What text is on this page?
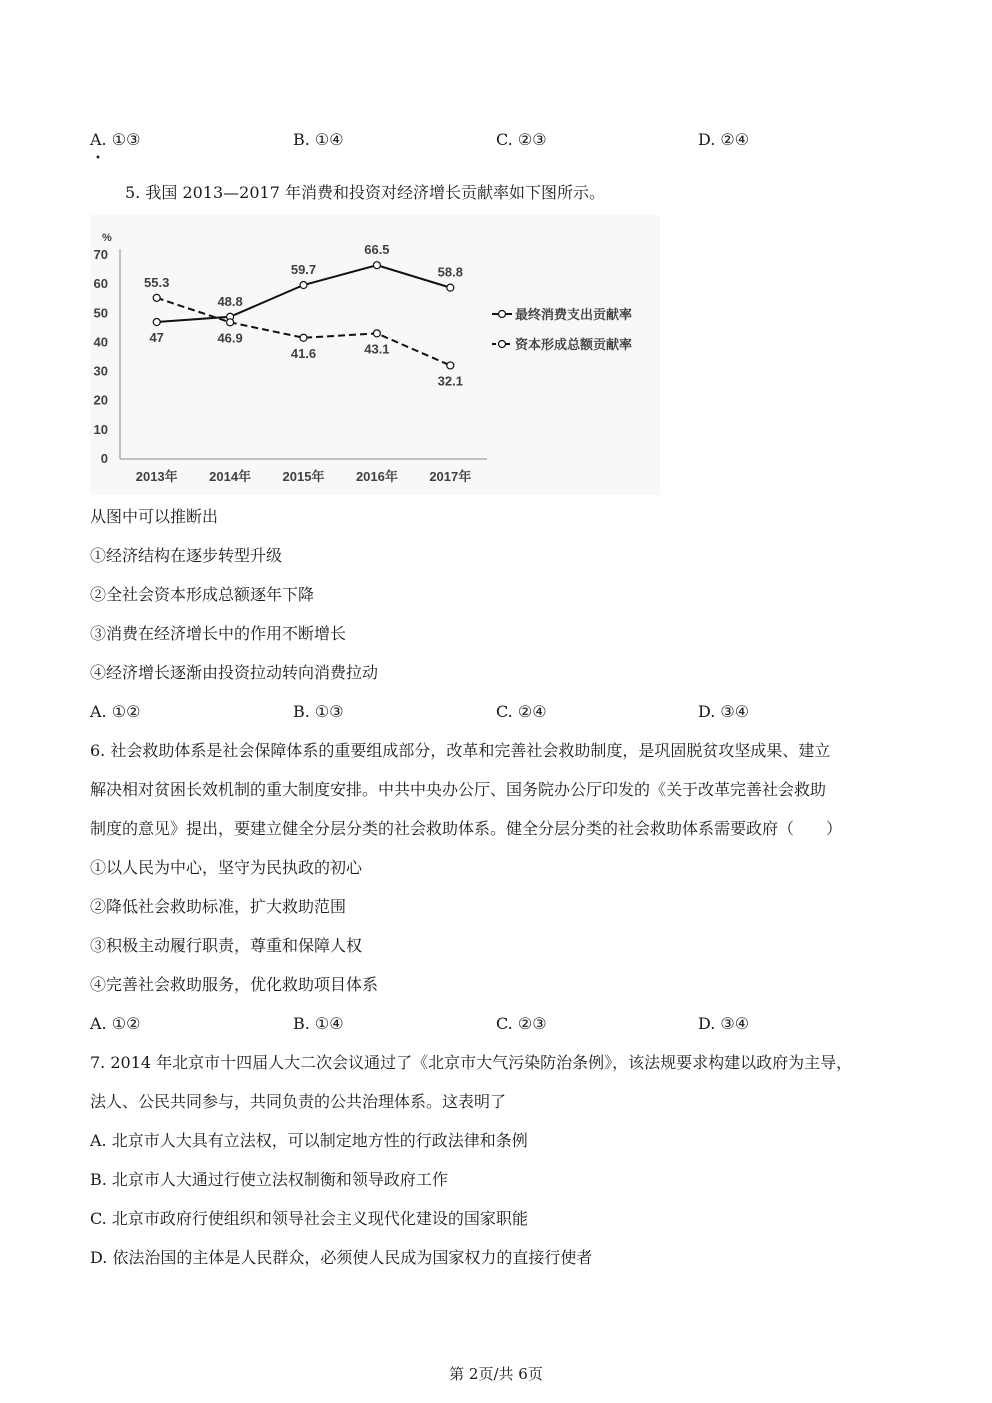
A. ①③	B. ①④	C. ②③	D. ②④
•
5. 我国 2013—2017 年消费和投资对经济增长贡献率如下图所示。
%
0
10
20
30
40
50
60
70
2013年 2014年 2015年 2016年 2017年
47
48.8
59.7
66.5
58.8
55.3
46.9
41.6	43.1
32.1
最终消费支出贡献率
资本形成总额贡献率
从图中可以推断出
①经济结构在逐步转型升级
②全社会资本形成总额逐年下降
③消费在经济增长中的作用不断增长
④经济增长逐渐由投资拉动转向消费拉动
A. ①②	B. ①③	C. ②④	D. ③④
6. 社会救助体系是社会保障体系的重要组成部分，改革和完善社会救助制度，是巩固脱贫攻坚成果、建立
解决相对贫困长效机制的重大制度安排。中共中央办公厅、国务院办公厅印发的《关于改革完善社会救助
制度的意见》提出，要建立健全分层分类的社会救助体系。健全分层分类的社会救助体系需要政府（　　）
①以人民为中心，坚守为民执政的初心
②降低社会救助标准，扩大救助范围
③积极主动履行职责，尊重和保障人权
④完善社会救助服务，优化救助项目体系
A. ①②	B. ①④	C. ②③	D. ③④
7. 2014 年北京市十四届人大二次会议通过了《北京市大气污染防治条例》，该法规要求构建以政府为主导，
法人、公民共同参与，共同负责的公共治理体系。这表明了
A. 北京市人大具有立法权，可以制定地方性的行政法律和条例
B. 北京市人大通过行使立法权制衡和领导政府工作
C. 北京市政府行使组织和领导社会主义现代化建设的国家职能
D. 依法治国的主体是人民群众，必须使人民成为国家权力的直接行使者
第 2页/共 6页
